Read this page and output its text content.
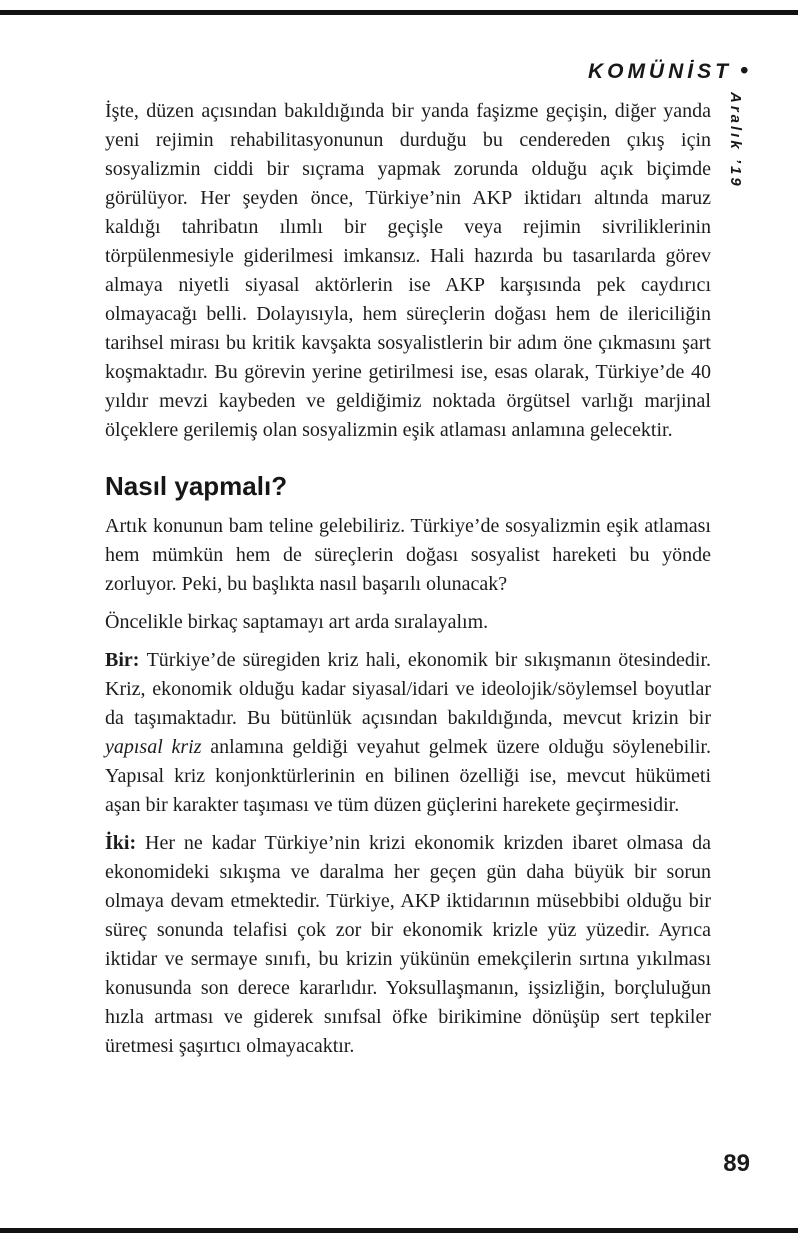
KOMÜNİST •
Aralık ’19

İşte, düzen açısından bakıldığında bir yanda faşizme geçişin, diğer yanda yeni rejimin rehabilitasyonunun durduğu bu cendereden çıkış için sosyalizmin ciddi bir sıçrama yapmak zorunda olduğu açık biçimde görülüyor. Her şeyden önce, Türkiye’nin AKP iktidarı altında maruz kaldığı tahribatın ılımlı bir geçişle veya rejimin sivriliklerinin törpülenmesiyle giderilmesi imkansız. Hali hazırda bu tasarılarda görev almaya niyetli siyasal aktörlerin ise AKP karşısında pek caydırıcı olmayacağı belli. Dolayısıyla, hem süreçlerin doğası hem de ilericiliğin tarihsel mirası bu kritik kavşakta sosyalistlerin bir adım öne çıkmasını şart koşmaktadır. Bu görevin yerine getirilmesi ise, esas olarak, Türkiye’de 40 yıldır mevzi kaybeden ve geldiğimiz noktada örgütsel varlığı marjinal ölçeklere gerilemiş olan sosyalizmin eşik atlaması anlamına gelecektir.

Nasıl yapmalı?

Artık konunun bam teline gelebiliriz. Türkiye’de sosyalizmin eşik atlaması hem mümkün hem de süreçlerin doğası sosyalist hareketi bu yönde zorluyor. Peki, bu başlıkta nasıl başarılı olunacak?

Öncelikle birkaç saptamayı art arda sıralayalım.

Bir: Türkiye’de süregiden kriz hali, ekonomik bir sıkışmanın ötesindedir. Kriz, ekonomik olduğu kadar siyasal/idari ve ideolojik/söylemsel boyutlar da taşımaktadır. Bu bütünlük açısından bakıldığında, mevcut krizin bir yapısal kriz anlamına geldiği veyahut gelmek üzere olduğu söylenebilir. Yapısal kriz konjonktürlerinin en bilinen özelliği ise, mevcut hükümeti aşan bir karakter taşıması ve tüm düzen güçlerini harekete geçirmesidir.

İki: Her ne kadar Türkiye’nin krizi ekonomik krizden ibaret olmasa da ekonomideki sıkışma ve daralma her geçen gün daha büyük bir sorun olmaya devam etmektedir. Türkiye, AKP iktidarının müsebbibi olduğu bir süreç sonunda telafisi çok zor bir ekonomik krizle yüz yüzedir. Ayrıca iktidar ve sermaye sınıfı, bu krizin yükünün emekçilerin sırtına yıkılması konusunda son derece kararlıdır. Yoksullaşmanın, işsizliğin, borçluluğun hızla artması ve giderek sınıfsal öfke birikimine dönüşüp sert tepkiler üretmesi şaşırtıcı olmayacaktır.

89
